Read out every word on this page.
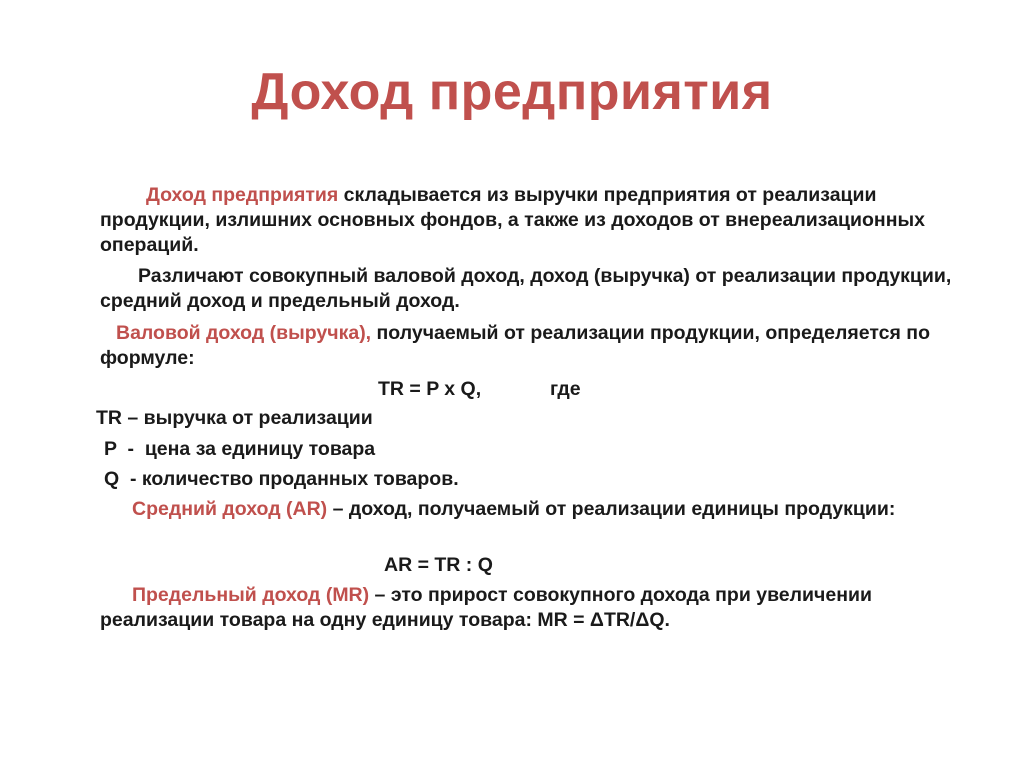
Доход предприятия
Доход предприятия складывается из выручки предприятия от реализации продукции, излишних основных фондов, а также из доходов от внереализационных операций.
Различают совокупный валовой доход, доход (выручка) от реализации продукции, средний доход и предельный доход.
Валовой доход (выручка), получаемый от реализации продукции, определяется по формуле:
TR = P x Q,	где
TR – выручка от реализации
P  -  цена за единицу товара
Q  - количество проданных товаров.
Средний доход (AR) – доход, получаемый от реализации единицы продукции:
AR = TR : Q
Предельный доход (MR) – это прирост совокупного дохода при увеличении реализации товара на одну единицу товара: MR = ΔTR/ΔQ.
